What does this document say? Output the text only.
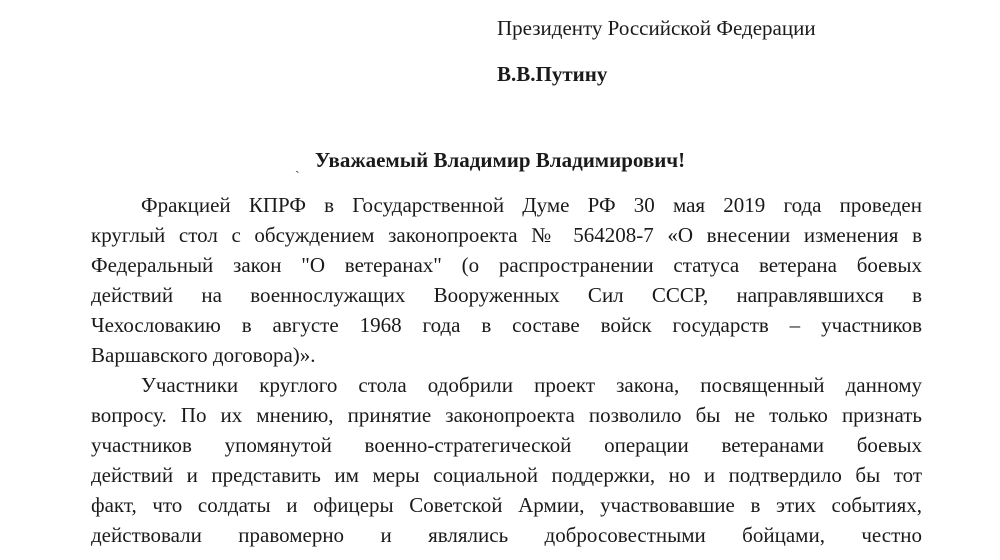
Президенту Российской Федерации
В.В.Путину
ˎ Уважаемый Владимир Владимирович!
Фракцией КПРФ в Государственной Думе РФ 30 мая 2019 года проведен
круглый стол с обсуждением законопроекта № 564208-7 «О внесении изменения в
Федеральный закон "О ветеранах" (о распространении статуса ветерана боевых
действий на военнослужащих Вооруженных Сил СССР, направлявшихся в
Чехословакию в августе 1968 года в составе войск государств – участников
Варшавского договора)».
Участники круглого стола одобрили проект закона, посвященный данному
вопросу. По их мнению, принятие законопроекта позволило бы не только признать
участников упомянутой военно-стратегической операции ветеранами боевых
действий и представить им меры социальной поддержки, но и подтвердило бы тот
факт, что солдаты и офицеры Советской Армии, участвовавшие в этих событиях,
действовали правомерно и являлись добросовестными бойцами, честно
